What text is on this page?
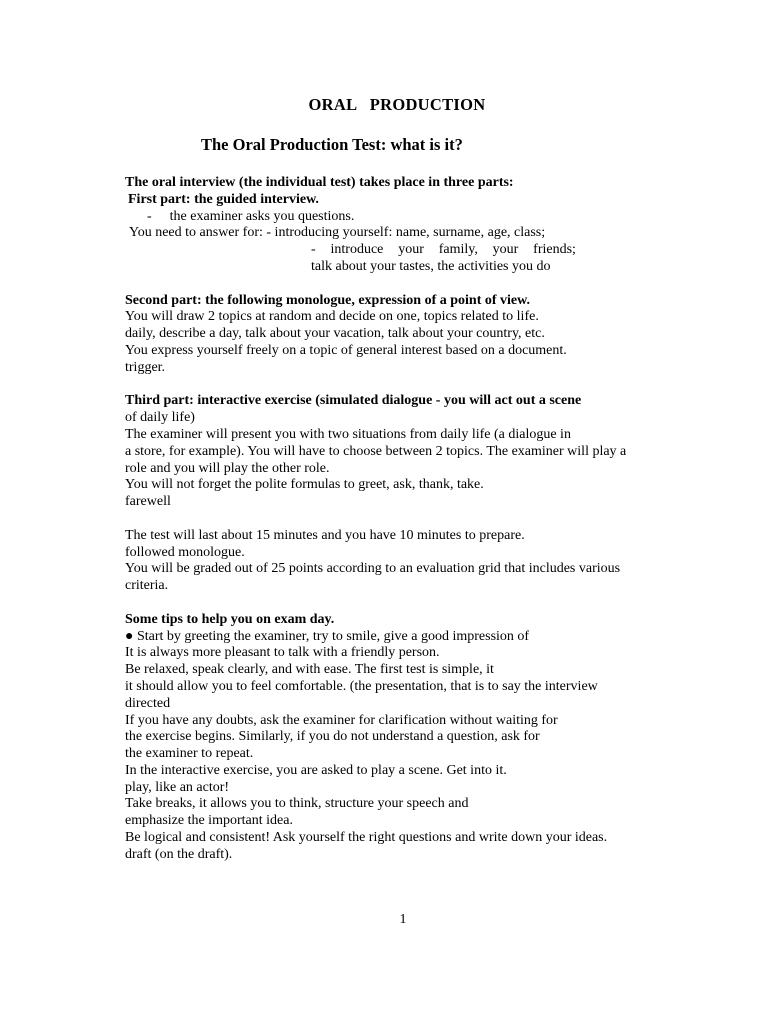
ORAL   PRODUCTION
The Oral Production Test: what is it?
The oral interview (the individual test) takes place in three parts:
First part: the guided interview.
- the examiner asks you questions.
You need to answer for: - introducing yourself: name, surname, age, class;
- introduce your family, your friends;
talk about your tastes, the activities you do
Second part: the following monologue, expression of a point of view.
You will draw 2 topics at random and decide on one, topics related to life.
daily, describe a day, talk about your vacation, talk about your country, etc.
You express yourself freely on a topic of general interest based on a document.
trigger.
Third part: interactive exercise (simulated dialogue - you will act out a scene
of daily life)
The examiner will present you with two situations from daily life (a dialogue in
a store, for example). You will have to choose between 2 topics. The examiner will play a
role and you will play the other role.
You will not forget the polite formulas to greet, ask, thank, take.
farewell
The test will last about 15 minutes and you have 10 minutes to prepare.
followed monologue.
You will be graded out of 25 points according to an evaluation grid that includes various
criteria.
Some tips to help you on exam day.
● Start by greeting the examiner, try to smile, give a good impression of
It is always more pleasant to talk with a friendly person.
Be relaxed, speak clearly, and with ease. The first test is simple, it
it should allow you to feel comfortable. (the presentation, that is to say the interview
directed
If you have any doubts, ask the examiner for clarification without waiting for
the exercise begins. Similarly, if you do not understand a question, ask for
the examiner to repeat.
In the interactive exercise, you are asked to play a scene. Get into it.
play, like an actor!
Take breaks, it allows you to think, structure your speech and
emphasize the important idea.
Be logical and consistent! Ask yourself the right questions and write down your ideas.
draft (on the draft).
1
